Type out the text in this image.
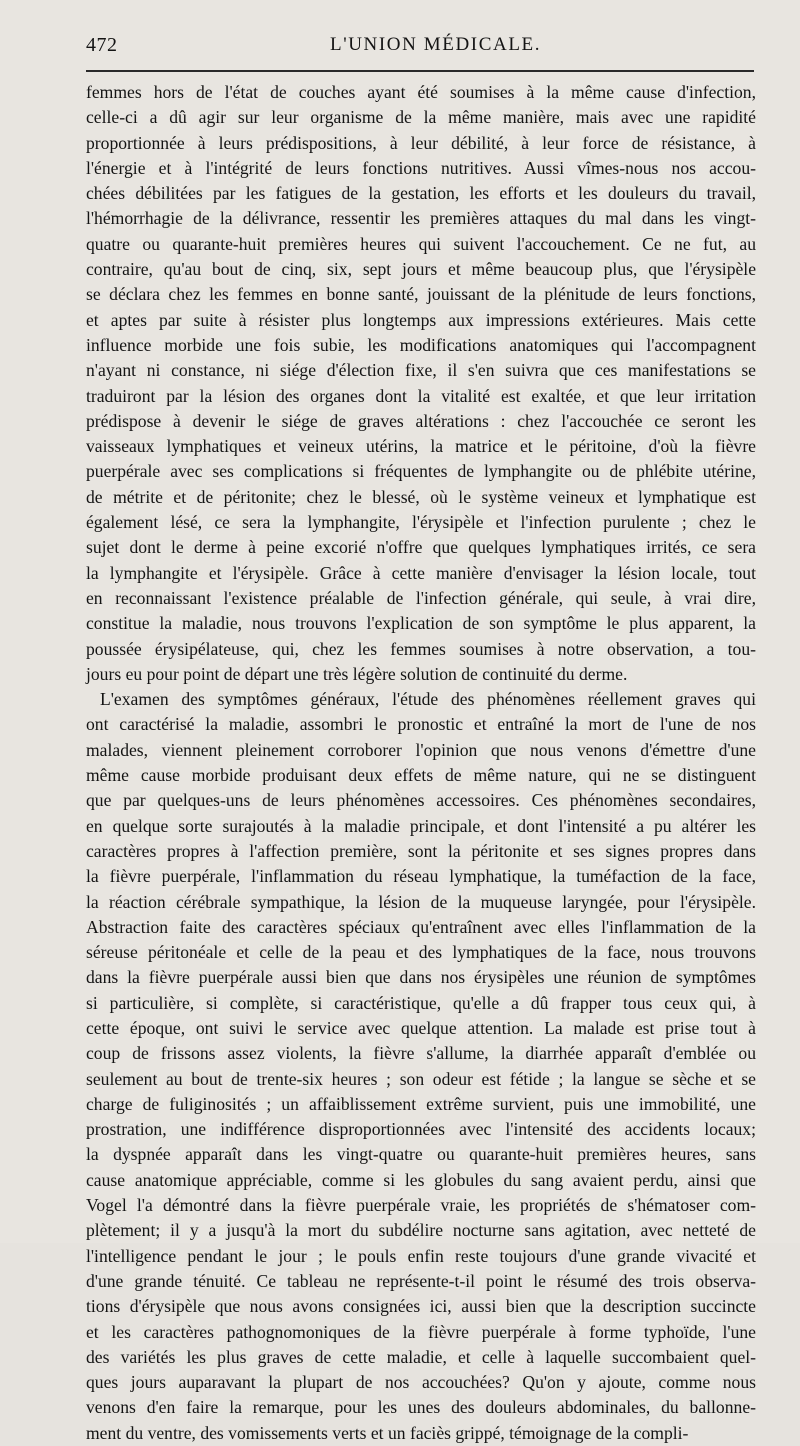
472	L'UNION MÉDICALE.
femmes hors de l'état de couches ayant été soumises à la même cause d'infection,
celle-ci a dû agir sur leur organisme de la même manière, mais avec une rapidité
proportionnée à leurs prédispositions, à leur débilité, à leur force de résistance, à
l'énergie et à l'intégrité de leurs fonctions nutritives. Aussi vîmes-nous nos accou-
chées débilitées par les fatigues de la gestation, les efforts et les douleurs du travail,
l'hémorrhagie de la délivrance, ressentir les premières attaques du mal dans les vingt-
quatre ou quarante-huit premières heures qui suivent l'accouchement. Ce ne fut, au
contraire, qu'au bout de cinq, six, sept jours et même beaucoup plus, que l'érysipèle
se déclara chez les femmes en bonne santé, jouissant de la plénitude de leurs fonctions,
et aptes par suite à résister plus longtemps aux impressions extérieures. Mais cette
influence morbide une fois subie, les modifications anatomiques qui l'accompagnent
n'ayant ni constance, ni siége d'élection fixe, il s'en suivra que ces manifestations se
traduiront par la lésion des organes dont la vitalité est exaltée, et que leur irritation
prédispose à devenir le siége de graves altérations : chez l'accouchée ce seront les
vaisseaux lymphatiques et veineux utérins, la matrice et le péritoine, d'où la fièvre
puerpérale avec ses complications si fréquentes de lymphangite ou de phlébite utérine,
de métrite et de péritonite; chez le blessé, où le système veineux et lymphatique est
également lésé, ce sera la lymphangite, l'érysipèle et l'infection purulente ; chez le
sujet dont le derme à peine excorié n'offre que quelques lymphatiques irrités, ce sera
la lymphangite et l'érysipèle. Grâce à cette manière d'envisager la lésion locale, tout
en reconnaissant l'existence préalable de l'infection générale, qui seule, à vrai dire,
constitue la maladie, nous trouvons l'explication de son symptôme le plus apparent, la
poussée érysipélateuse, qui, chez les femmes soumises à notre observation, a tou-
jours eu pour point de départ une très légère solution de continuité du derme.
L'examen des symptômes généraux, l'étude des phénomènes réellement graves qui
ont caractérisé la maladie, assombri le pronostic et entraîné la mort de l'une de nos
malades, viennent pleinement corroborer l'opinion que nous venons d'émettre d'une
même cause morbide produisant deux effets de même nature, qui ne se distinguent
que par quelques-uns de leurs phénomènes accessoires. Ces phénomènes secondaires,
en quelque sorte surajoutés à la maladie principale, et dont l'intensité a pu altérer les
caractères propres à l'affection première, sont la péritonite et ses signes propres dans
la fièvre puerpérale, l'inflammation du réseau lymphatique, la tuméfaction de la face,
la réaction cérébrale sympathique, la lésion de la muqueuse laryngée, pour l'érysipèle.
Abstraction faite des caractères spéciaux qu'entraînent avec elles l'inflammation de la
séreuse péritonéale et celle de la peau et des lymphatiques de la face, nous trouvons
dans la fièvre puerpérale aussi bien que dans nos érysipèles une réunion de symptômes
si particulière, si complète, si caractéristique, qu'elle a dû frapper tous ceux qui, à
cette époque, ont suivi le service avec quelque attention. La malade est prise tout à
coup de frissons assez violents, la fièvre s'allume, la diarrhée apparaît d'emblée ou
seulement au bout de trente-six heures ; son odeur est fétide ; la langue se sèche et se
charge de fuliginosités ; un affaiblissement extrême survient, puis une immobilité, une
prostration, une indifférence disproportionnées avec l'intensité des accidents locaux;
la dyspnée apparaît dans les vingt-quatre ou quarante-huit premières heures, sans
cause anatomique appréciable, comme si les globules du sang avaient perdu, ainsi que
Vogel l'a démontré dans la fièvre puerpérale vraie, les propriétés de s'hématoser com-
plètement; il y a jusqu'à la mort du subdélire nocturne sans agitation, avec netteté de
l'intelligence pendant le jour ; le pouls enfin reste toujours d'une grande vivacité et
d'une grande ténuité. Ce tableau ne représente-t-il point le résumé des trois observa-
tions d'érysipèle que nous avons consignées ici, aussi bien que la description succincte
et les caractères pathognomoniques de la fièvre puerpérale à forme typhoïde, l'une
des variétés les plus graves de cette maladie, et celle à laquelle succombaient quel-
ques jours auparavant la plupart de nos accouchées? Qu'on y ajoute, comme nous
venons d'en faire la remarque, pour les unes des douleurs abdominales, du ballonne-
ment du ventre, des vomissements verts et un faciès grippé, témoignage de la compli-
